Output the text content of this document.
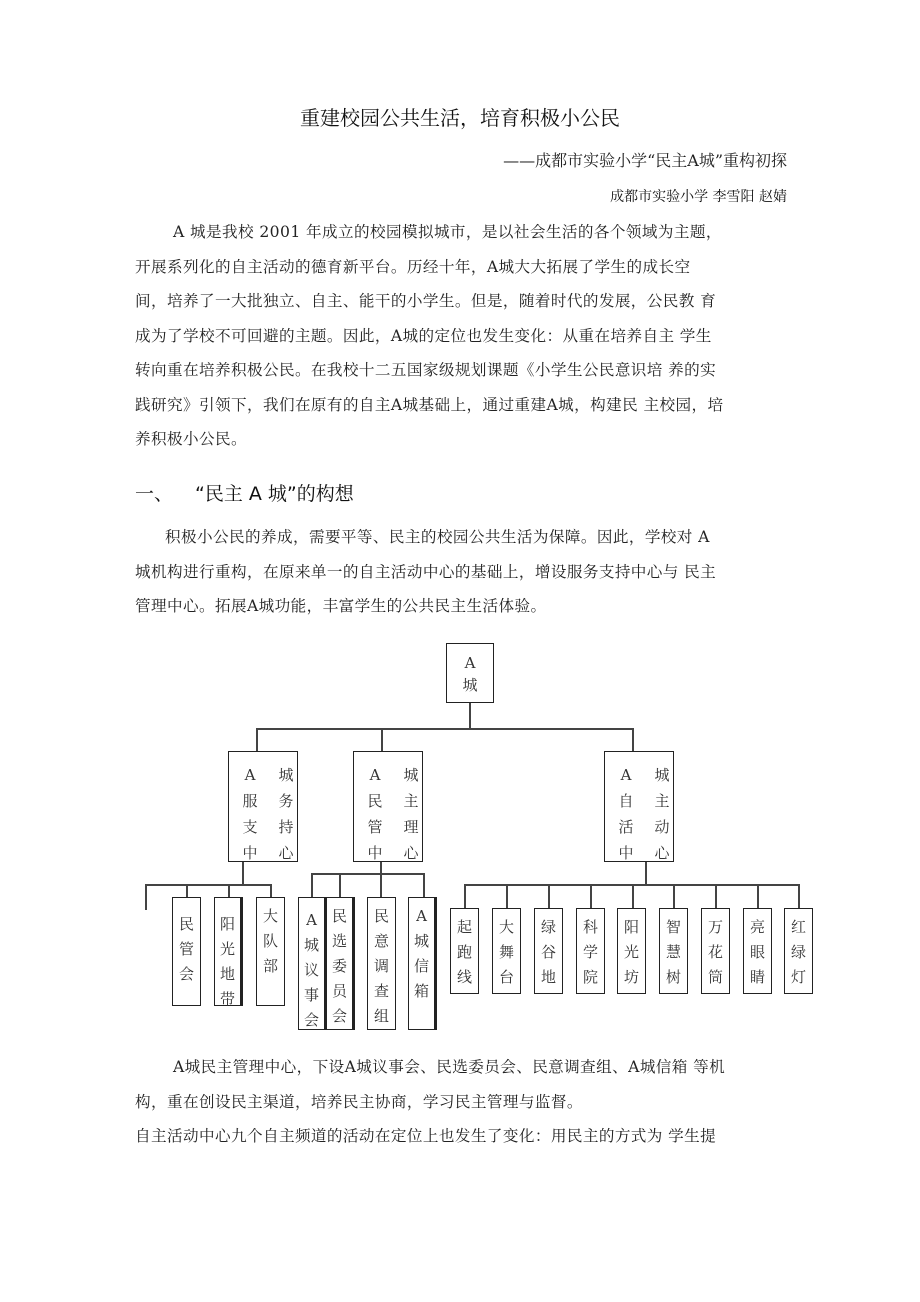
重建校园公共生活，培育积极小公民
——成都市实验小学“民主A城”重构初探
成都市实验小学 李雪阳 赵婧

A 城是我校 2001 年成立的校园模拟城市，是以社会生活的各个领域为主题，

开展系列化的自主活动的德育新平台。历经十年，A城大大拓展了学生的成长空

间，培养了一大批独立、自主、能干的小学生。但是，随着时代的发展，公民教 育

成为了学校不可回避的主题。因此，A城的定位也发生变化：从重在培养自主 学生

转向重在培养积极公民。在我校十二五国家级规划课题《小学生公民意识培 养的实

践研究》引领下，我们在原有的自主A城基础上，通过重建A城，构建民 主校园，培

养积极小公民。

一、 “民主 A 城”的构想

积极小公民的养成，需要平等、民主的校园公共生活为保障。因此，学校对 A

城机构进行重构，在原来单一的自主活动中心的基础上，增设服务支持中心与 民主

管理中心。拓展A城功能，丰富学生的公共民主生活体验。

A
城
A	城
服 务
支 持
中 心
A	城
民 主
管 理
中 心
A	城
自 主
活 动
中 心
民
管
会
阳
光
地
带
大
队
部
A
城
议
事
会
民
选
委
员
会
民
意
调
查
组
A
城
信
箱
起
跑
线
大
舞
台
绿
谷
地
科
学
院
阳
光
坊
智
慧
树
万
花
筒
亮
眼
睛
红
绿
灯

A城民主管理中心，下设A城议事会、民选委员会、民意调查组、A城信箱 等机

构，重在创设民主渠道，培养民主协商，学习民主管理与监督。

自主活动中心九个自主频道的活动在定位上也发生了变化：用民主的方式为 学生提
